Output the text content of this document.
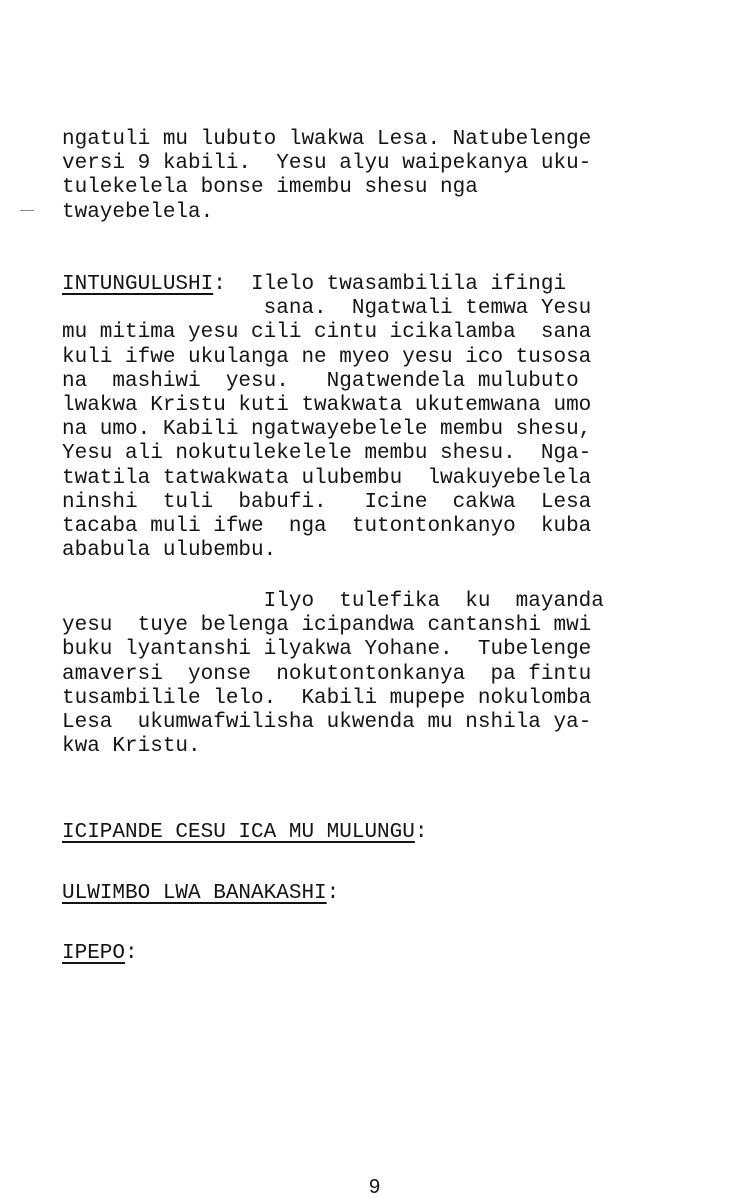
ngatuli mu lubuto lwakwa Lesa. Natubelenge
versi 9 kabili.  Yesu alyu waipekanya uku-
tulekelela bonse imembu shesu nga
twayebelela.

INTUNGULUSHI:  Ilelo twasambilila ifingi
sana.  Ngatwali temwa Yesu
mu mitima yesu cili cintu icikalamba  sana
kuli ifwe ukulanga ne myeo yesu ico tusosa
na  mashiwi  yesu.   Ngatwendela mulubuto
lwakwa Kristu kuti twakwata ukutemwana umo
na umo. Kabili ngatwayebelele membu shesu,
Yesu ali nokutulekelele membu shesu.  Nga-
twatila tatwakwata ulubembu  lwakuyebelela
ninshi  tuli  babufi.   Icine  cakwa  Lesa
tacaba muli ifwe  nga  tutontonkanyo  kuba
ababula ulubembu.

Ilyo  tulefika  ku  mayanda
yesu  tuye belenga icipandwa cantanshi mwi
buku lyantanshi ilyakwa Yohane.  Tubelenge
amaversi  yonse  nokutontonkanya  pa fintu
tusambilile lelo.  Kabili mupepe nokulomba
Lesa  ukumwafwilisha ukwenda mu nshila ya-
kwa Kristu.

ICIPANDE CESU ICA MU MULUNGU:
ULWIMBO LWA BANAKASHI:
IPEPO:
9
